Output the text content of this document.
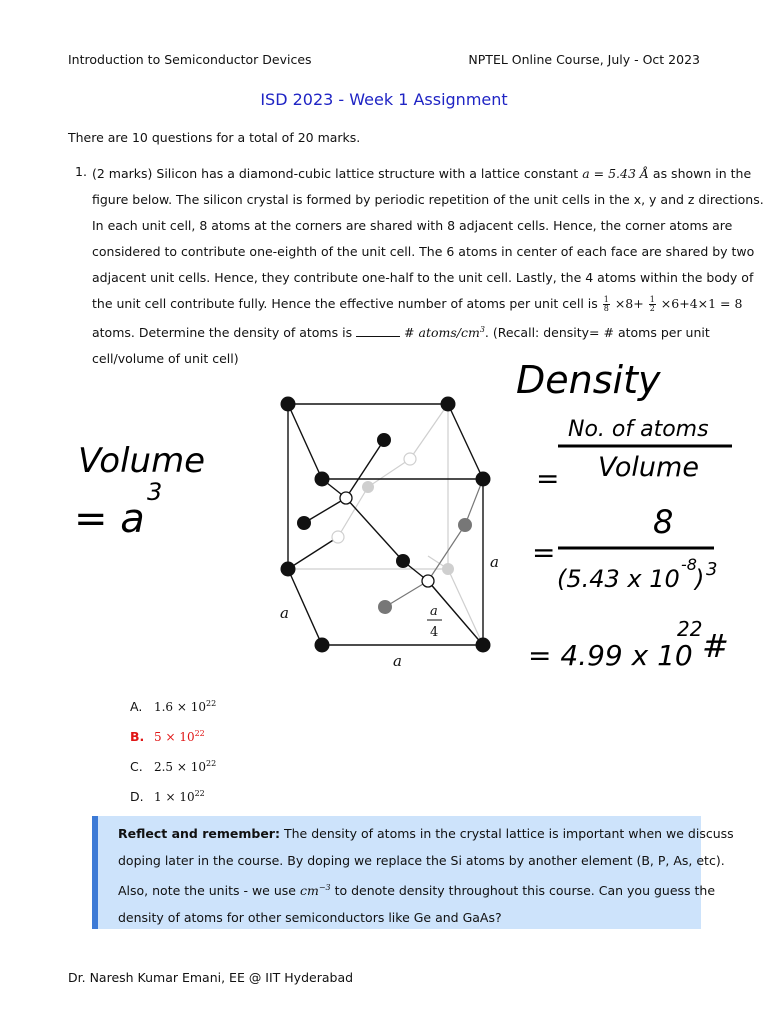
Introduction to Semiconductor Devices	NPTEL Online Course, July - Oct 2023
ISD 2023 - Week 1 Assignment
There are 10 questions for a total of 20 marks.
1. (2 marks) Silicon has a diamond-cubic lattice structure with a lattice constant a = 5.43 Å as shown in the
figure below. The silicon crystal is formed by periodic repetition of the unit cells in the x, y and z directions.
In each unit cell, 8 atoms at the corners are shared with 8 adjacent cells. Hence, the corner atoms are
considered to contribute one-eighth of the unit cell. The 6 atoms in center of each face are shared by two
adjacent unit cells. Hence, they contribute one-half to the unit cell. Lastly, the 4 atoms within the body of
the unit cell contribute fully. Hence the effective number of atoms per unit cell is $\frac{1}{8} \times 8+ \frac{1}{2} \times 6+4\times 1 = 8$
atoms. Determine the density of atoms is	# atoms/$cm^3$. (Recall: density= # atoms per unit
cell/volume of unit cell)
a
a
a
a
4
Volume
= a
3
Density
No. of atoms
Volume
=
8
=
(5.43 x 10
-8
) 3
= 4.99 x 10
22 #
A. $1.6 \times 10^{22}$
B. $5 \times 10^{22}$
C. $2.5 \times 10^{22}$
D. $1 \times 10^{22}$
Reflect and remember: The density of atoms in the crystal lattice is important when we discuss
doping later in the course. By doping we replace the Si atoms by another element (B, P, As, etc).
Also, note the units - we use $cm^{-3}$ to denote density throughout this course. Can you guess the
density of atoms for other semiconductors like Ge and GaAs?
Dr. Naresh Kumar Emani, EE @ IIT Hyderabad
